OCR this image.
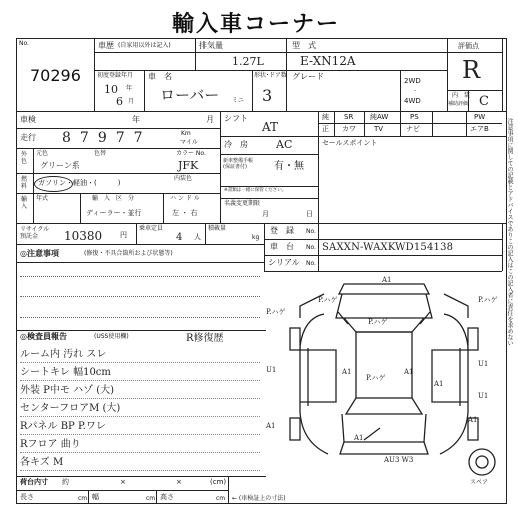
輸入車コーナー
No.
70296
車歴 (自家用以外は記入)	排気量
1.27L
型　式
E-XN12A
初度登録年月
10 年
6 月
車　名
ローバー ミニ
形状･ドア数
3
グレード	2WD
·
4WD
評価点
R
内　装
補助評価 C
車検	年	月
走行 87977	Km
マイル
外
色
元色	色替	カラー No.
グリーン系	JFK
燃
料 ガソリン・軽油・(　　　)
内装色
輸
入
年式	輸　入　区　分	ハ ン ド ル
ディーラー・並行	左 ・ 右
リサイクル
預託金	10380	円
乗車定員
4 人
積載量
kg
シフト
AT
冷　房	AC
新車整備手帳
(保証書付)	有・無
※書類は一緒に保管ください。
名義変更期限
月	日
純 SR 純AW	PS	PW
正 カワ	TV	ナビ	エアB
セールスポイント
登　録 No.
車　台 No. SAXXN-WAXKWD154138
シリアル No.
◎注意事項	(修復・不具合箇所および状態等)
◎検査員報告	(USS使用欄)	R修復歴
ルーム内 汚れ スレ
シートキレ 幅10cm
外装 P中モ ハゾ (大)
センターフロアM (大)
Rパネル BP P.ワレ
Rフロア 曲り
各キズ M
A1
P.ハゲ
P.ハゲ
P.ハゲ
P.ハゲ
P.ハゲ
U1
U1
A1	A1
A1
U1
A1
A1
A1
AU3 W3
スペア
注意事項に関しての記載とアドバイスでありこの記入はこの記入者に責任を求めない
荷台内寸 約	×	×	(cm)
長さ	cm 幅	cm 高さ	cm ← (車検証上の寸法)
